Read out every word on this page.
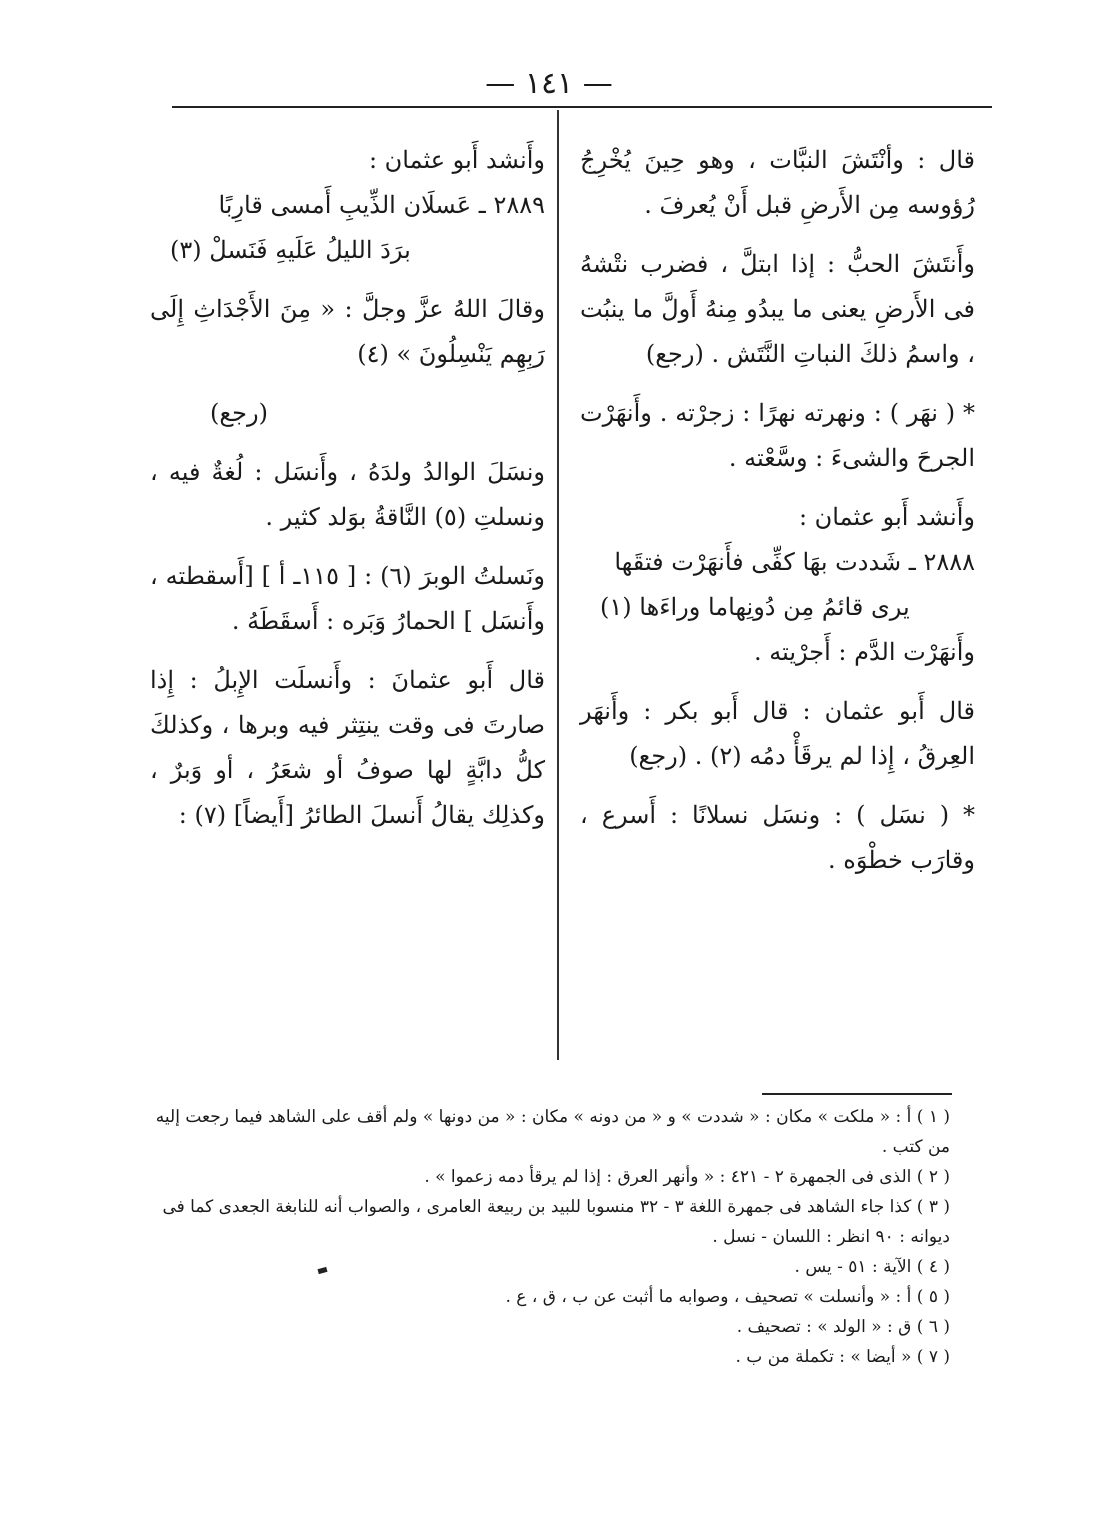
— ١٤١ —

قال : وأنْتَشَ النبَّات ، وهو حِينَ يُخْرِجُ رُؤوسه مِن الأَرضِ قبل أَنْ يُعرفَ .

وأَنتَشَ الحبُّ : إذا ابتلَّ ، فضرب نتْشهُ فى الأَرضِ يعنى ما يبدُو مِنهُ أَولَّ ما ينبُت ، واسمُ ذلكَ النباتِ النَّتَش . (رجع)

* ( نهَر ) : ونهرته نهرًا : زجرْته . وأَنهَرْت الجرحَ والشىءَ : وسَّعْته .

وأَنشد أَبو عثمان :

٢٨٨٨ ـ شَددت بهَا كفِّى فأَنهَرْت فتقَها

يرى قائمُ مِن دُونِهاما وراءَها (١)

وأَنهَرْت الدَّم : أَجرْيته .

قال أَبو عثمان : قال أَبو بكر : وأَنهَر العِرقُ ، إِذا لم يرقَأْ دمُه (٢) . (رجع)

* ( نسَل ) : ونسَل نسلانًا : أَسرع ، وقارَب خطْوَه .

وأَنشد أَبو عثمان :

٢٨٨٩ ـ عَسلَان الذِّيبِ أَمسى قارِبًا

برَدَ الليلُ عَلَيهِ فَنَسلْ (٣)

وقالَ اللهُ عزَّ وجلَّ : « مِنَ الأَجْدَاثِ إِلَى رَبِهِم يَنْسِلُونَ » (٤)

(رجع)

ونسَلَ الوالدُ ولدَهُ ، وأَنسَل : لُغةٌ فيه ، ونسلتِ (٥) النَّاقةُ بوَلد كثير .

ونَسلتُ الوبرَ (٦) : [ ١١٥ـ أ ] [أَسقطته ، وأَنسَل ] الحمارُ وَبَره : أَسقَطَهُ .

قال أَبو عثمانَ : وأَنسلَت الإِبلُ : إِذا صارتَ فى وقت ينتِثر فيه وبرها ، وكذلكَ كلُّ دابَّةٍ لها صوفُ أو شعَرُ ، أو وَبرٌ ، وكذلِك يقالُ أَنسلَ الطائرُ [أَيضاً] (٧) :

( ١ ) أ : « ملكت » مكان : « شددت » و « من دونه » مكان : « من دونها » ولم أقف على الشاهد فيما رجعت إليه من كتب .

( ٢ ) الذى فى الجمهرة ٢ - ٤٢١ : « وأنهر العرق : إذا لم يرقأ دمه زعموا » .

( ٣ ) كذا جاء الشاهد فى جمهرة اللغة ٣ - ٣٢ منسوبا للبيد بن ربيعة العامرى ، والصواب أنه للنابغة الجعدى كما فى ديوانه : ٩٠ انظر : اللسان - نسل .

( ٤ ) الآية : ٥١ - يس .

( ٥ ) أ : « وأنسلت » تصحيف ، وصوابه ما أثبت عن ب ، ق ، ع .

( ٦ ) ق : « الولد » : تصحيف .

( ٧ ) « أيضا » : تكملة من ب .
